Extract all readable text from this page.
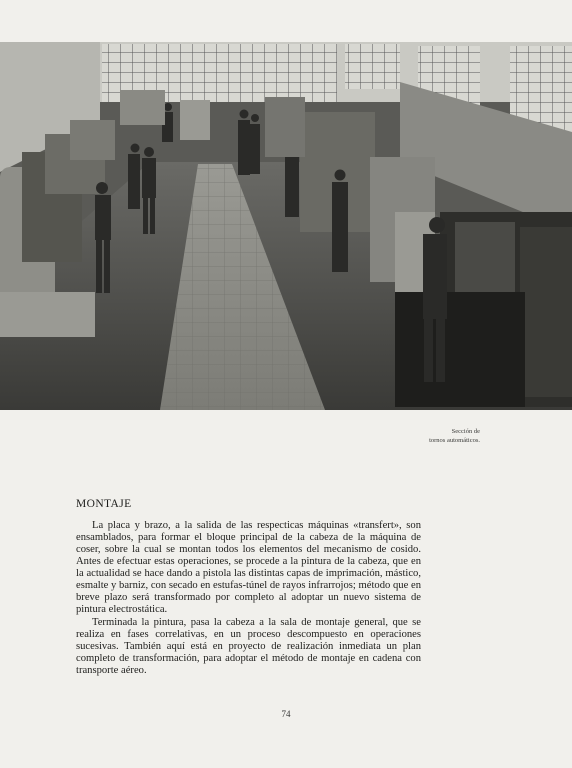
Sección de
tornos automáticos.
MONTAJE

La placa y brazo, a la salida de las respecticas máquinas «transfert», son ensamblados, para formar el bloque principal de la cabeza de la máquina de coser, sobre la cual se montan todos los elementos del mecanismo de cosido. Antes de efectuar estas operaciones, se procede a la pintura de la cabeza, que en la actualidad se hace dando a pistola las distintas capas de imprimación, mástico, esmalte y barniz, con secado en estufas-túnel de rayos infrarrojos; método que en breve plazo será transformado por completo al adoptar un nuevo sistema de pintura electrostática.

Terminada la pintura, pasa la cabeza a la sala de montaje general, que se realiza en fases correlativas, en un proceso descompuesto en operaciones sucesivas. También aquí está en proyecto de realización inmediata un plan completo de transformación, para adoptar el método de montaje en cadena con transporte aéreo.

74
